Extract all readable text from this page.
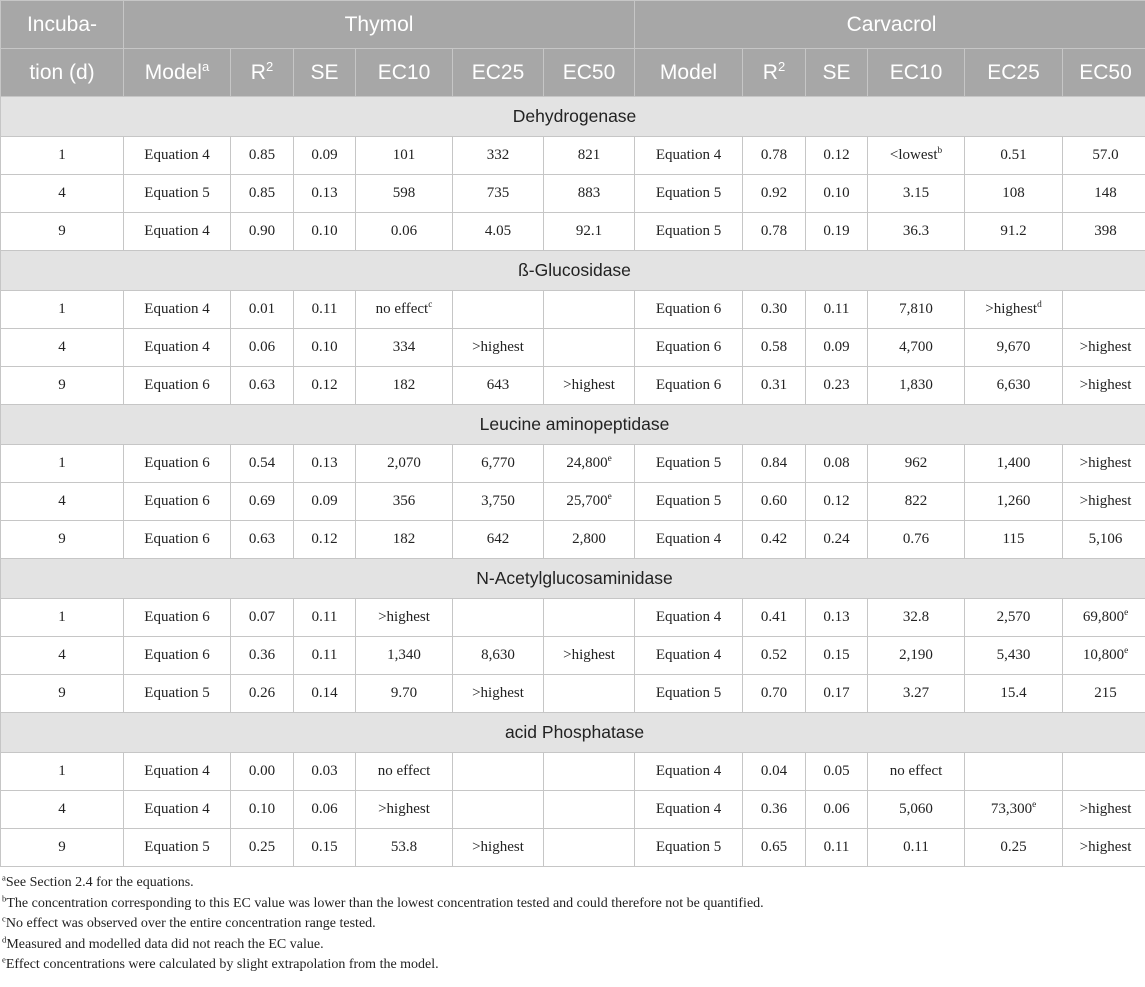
Incuba-	Thymol						Carvacrol					
tion (d)	Model$^a$	$R^2$	SE	EC10	EC25	EC50	Model	$R^2$	SE	EC10	EC25	EC50
Dehydrogenase												
1	Equation 4	0.85	0.09	101	332	821	Equation 4	0.78	0.12	<lowest$^b$	0.51	57.0
4	Equation 5	0.85	0.13	598	735	883	Equation 5	0.92	0.10	3.15	108	148
9	Equation 4	0.90	0.10	0.06	4.05	92.1	Equation 5	0.78	0.19	36.3	91.2	398
ß-Glucosidase												
1	Equation 4	0.01	0.11	no effect$^c$			Equation 6	0.30	0.11	7,810	>highest$^d$	
4	Equation 4	0.06	0.10	334	>highest		Equation 6	0.58	0.09	4,700	9,670	>highest
9	Equation 6	0.63	0.12	182	643	>highest	Equation 6	0.31	0.23	1,830	6,630	>highest
Leucine aminopeptidase												
1	Equation 6	0.54	0.13	2,070	6,770	24,800e	Equation 5	0.84	0.08	962	1,400	>highest
4	Equation 6	0.69	0.09	356	3,750	25,700e	Equation 5	0.60	0.12	822	1,260	>highest
9	Equation 6	0.63	0.12	182	642	2,800	Equation 4	0.42	0.24	0.76	115	5,106
N-Acetylglucosaminidase												
1	Equation 6	0.07	0.11	>highest			Equation 4	0.41	0.13	32.8	2,570	69,800e
4	Equation 6	0.36	0.11	1,340	8,630	>highest	Equation 4	0.52	0.15	2,190	5,430	10,800e
9	Equation 5	0.26	0.14	9.70	>highest		Equation 5	0.70	0.17	3.27	15.4	215
acid Phosphatase												
1	Equation 4	0.00	0.03	no effect			Equation 4	0.04	0.05	no effect		
4	Equation 4	0.10	0.06	>highest			Equation 4	0.36	0.06	5,060	73,300$^e$	>highest
9	Equation 5	0.25	0.15	53.8	>highest		Equation 5	0.65	0.11	0.11	0.25	>highest
$^a$See Section 2.4 for the equations.
$^b$The concentration corresponding to this EC value was lower than the lowest concentration tested and could therefore not be quantified.
$^c$No effect was observed over the entire concentration range tested.
$^d$Measured and modelled data did not reach the EC value.
$^e$Effect concentrations were calculated by slight extrapolation from the model.
